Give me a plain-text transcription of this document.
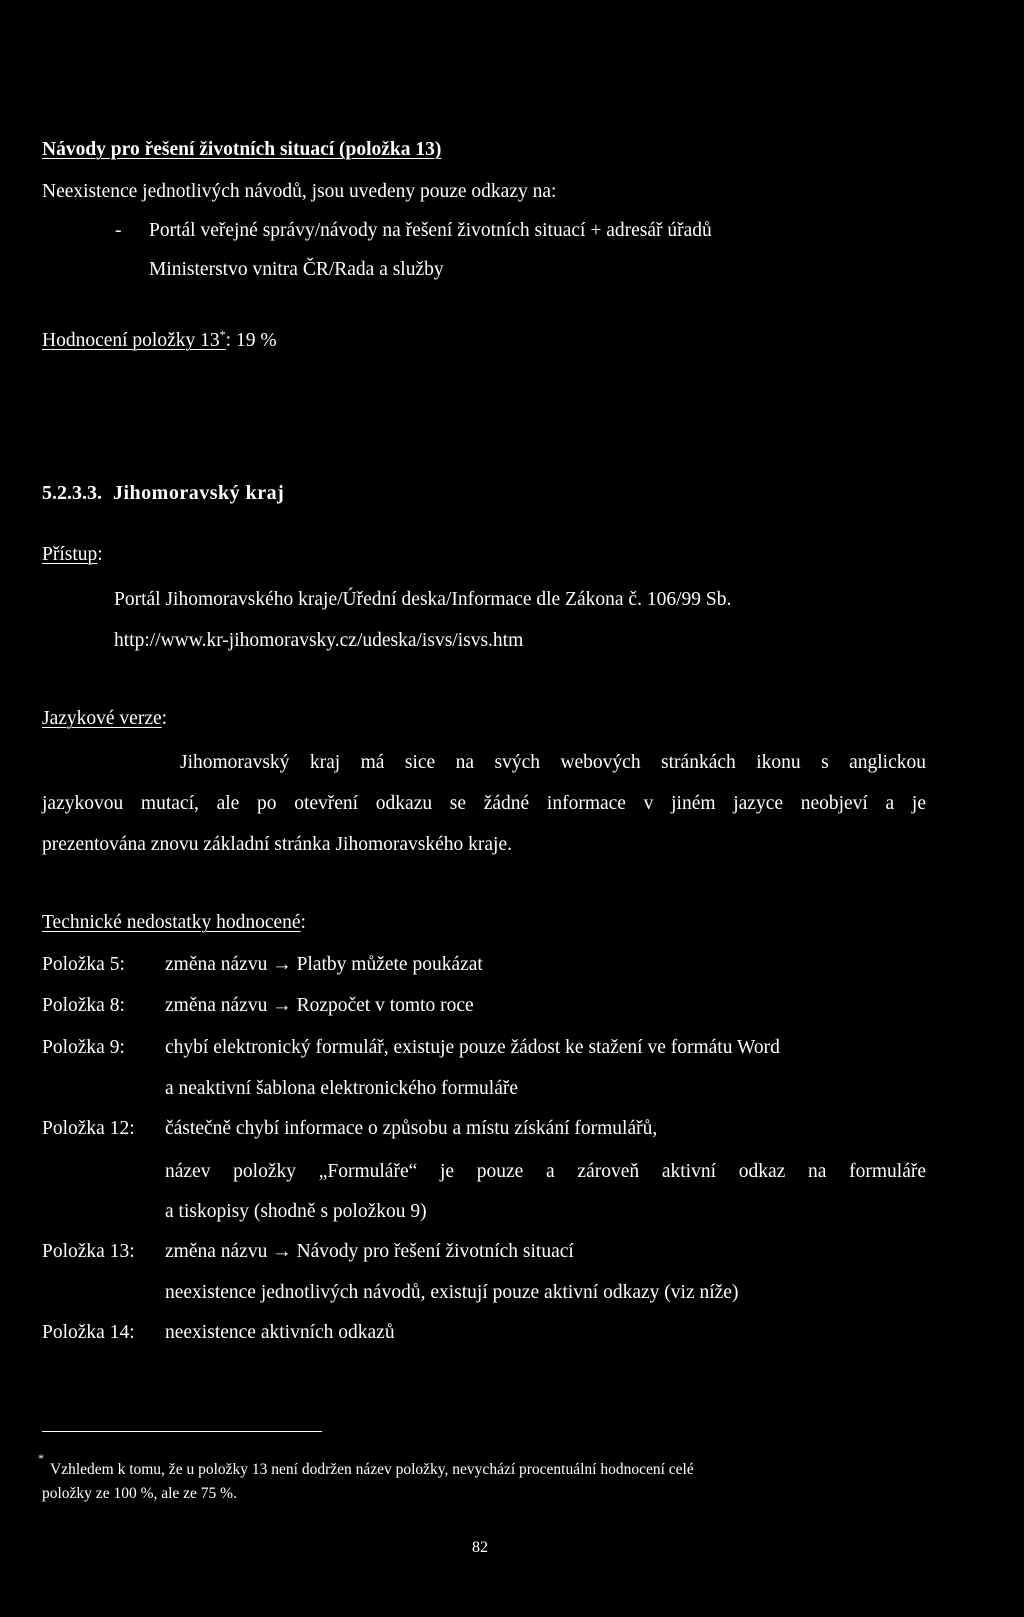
Návody pro řešení životních situací (položka 13)
Neexistence jednotlivých návodů, jsou uvedeny pouze odkazy na:
- Portál veřejné správy/návody na řešení životních situací + adresář úřadů
Ministerstvo vnitra ČR/Rada a služby
Hodnocení položky 13*: 19 %
5.2.3.3. Jihomoravský kraj
Přístup:
Portál Jihomoravského kraje/Úřední deska/Informace dle Zákona č. 106/99 Sb.
http://www.kr-jihomoravsky.cz/udeska/isvs/isvs.htm
Jazykové verze:
Jihomoravský kraj má sice na svých webových stránkách ikonu s anglickou
jazykovou mutací, ale po otevření odkazu se žádné informace v jiném jazyce neobjeví a je
prezentována znovu základní stránka Jihomoravského kraje.
Technické nedostatky hodnocené:
Položka 5: změna názvu → Platby můžete poukázat
Položka 8: změna názvu → Rozpočet v tomto roce
Položka 9: chybí elektronický formulář, existuje pouze žádost ke stažení ve formátu Word
a neaktivní šablona elektronického formuláře
Položka 12: částečně chybí informace o způsobu a místu získání formulářů,
název položky „Formuláře“ je pouze a zároveň aktivní odkaz na formuláře
a tiskopisy (shodně s položkou 9)
Položka 13: změna názvu → Návody pro řešení životních situací
neexistence jednotlivých návodů, existují pouze aktivní odkazy (viz níže)
Položka 14: neexistence aktivních odkazů
*
Vzhledem k tomu, že u položky 13 není dodržen název položky, nevychází procentuální hodnocení celé
položky ze 100 %, ale ze 75 %.
82
